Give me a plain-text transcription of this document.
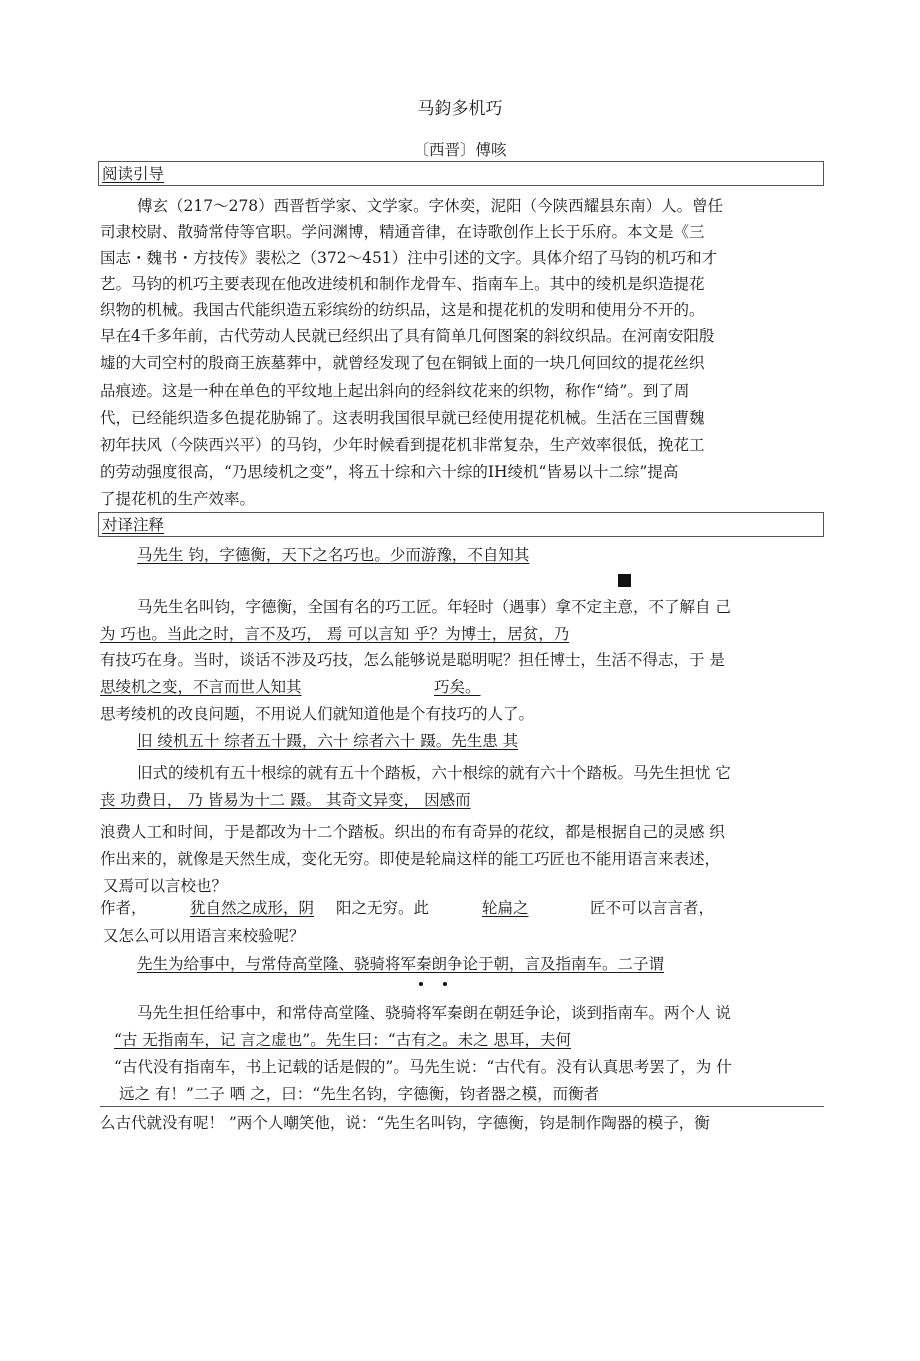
马鈞多机巧
〔西晋〕傅咳
阅读引导
傅玄（217～278）西晋哲学家、文学家。字休奕，泥阳（今陕西耀县东南）人。曾任
司隶校尉、散骑常侍等官职。学问渊博，精通音律，在诗歌创作上长于乐府。本文是《三
国志・魏书・方技传》裴松之（372～451）注中引述的文字。具体介绍了马钧的机巧和才
艺。马钧的机巧主要表现在他改进绫机和制作龙骨车、指南车上。其中的绫机是织造提花
织物的机械。我国古代能织造五彩缤纷的纺织品，这是和提花机的发明和使用分不开的。
早在4千多年前，古代劳动人民就已经织出了具有简单几何图案的斜纹织品。在河南安阳殷
墟的大司空村的殷商王族墓葬中，就曾经发现了包在铜钺上面的一块几何回纹的提花丝织
品痕迹。这是一种在单色的平纹地上起出斜向的经斜纹花来的织物，称作“绮”。到了周
代，已经能织造多色提花胁锦了。这表明我国很早就已经使用提花机械。生活在三国曹魏
初年扶风（今陕西兴平）的马钧，少年时候看到提花机非常复杂，生产效率很低，挽花工
的劳动强度很高，“乃思绫机之变”，将五十综和六十综的IH绫机“皆易以十二综”提高
了提花机的生产效率。
对译注释
马先生 钧，字德衡，天下之名巧也。少而游豫，不自知其
马先生名叫钧，字德衡，全国有名的巧工匠。年轻时（遇事）拿不定主意，不了解自 己
为 巧也。当此之时，言不及巧， 焉 可以言知 乎？为博士，居贫，乃
有技巧在身。当时，谈话不涉及巧技，怎么能够说是聪明呢？担任博士，生活不得志，于 是
思绫机之变，不言而世人知其	巧矣。
思考绫机的改良问题，不用说人们就知道他是个有技巧的人了。
旧 绫机五十 综者五十蹑，六十 综者六十 蹑。先生患 其
旧式的绫机有五十根综的就有五十个踏板，六十根综的就有六十个踏板。马先生担忧 它
丧 功费日， 乃 皆易为十二 蹑。 其奇文异变， 因感而
浪费人工和时间，于是都改为十二个踏板。织出的布有奇异的花纹，都是根据自己的灵感 织
作出来的，就像是天然生成，变化无穷。即使是轮扁这样的能工巧匠也不能用语言来表述，
又焉可以言校也？
作者，	犹自然之成形，阴 阳之无穷。此	轮扁之	匠不可以言言者，
又怎么可以用语言来校验呢？
先生为给事中，与常侍高堂隆、骁骑将军秦朗争论于朝，言及指南车。二子谓
马先生担任给事中，和常侍高堂隆、骁骑将军秦朗在朝廷争论，谈到指南车。两个人 说
“古 无指南车，记 言之虚也”。先生曰：“古有之。未之 思耳，夫何
“古代没有指南车，书上记载的话是假的”。马先生说：“古代有。没有认真思考罢了，为 什
远之 有！”二子 哂 之，曰：“先生名钧，字德衡，钧者器之模，而衡者
么古代就没有呢！ ”两个人嘲笑他，说：“先生名叫钧，字德衡，钧是制作陶器的模子，衡
